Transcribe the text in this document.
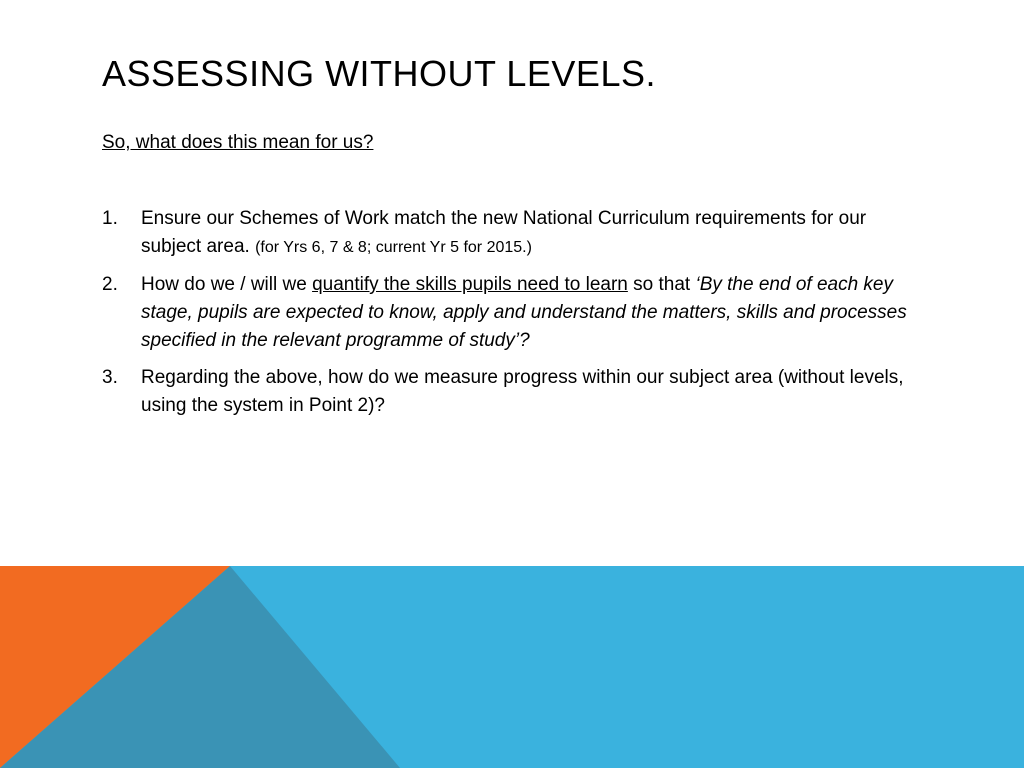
ASSESSING WITHOUT LEVELS.
So, what does this mean for us?
1. Ensure our Schemes of Work match the new National Curriculum requirements for our subject area. (for Yrs 6, 7 & 8; current Yr 5 for 2015.)
2. How do we / will we quantify the skills pupils need to learn so that ‘By the end of each key stage, pupils are expected to know, apply and understand the matters, skills and processes specified in the relevant programme of study’?
3. Regarding the above, how do we measure progress within our subject area (without levels, using the system in Point 2)?
